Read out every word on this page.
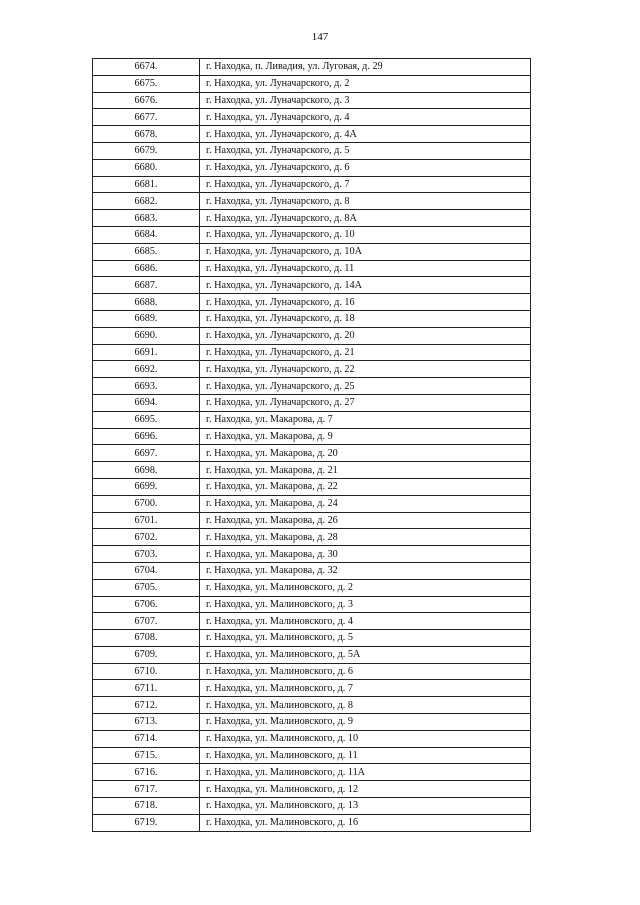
147
6674.	г. Находка, п. Ливадия, ул. Луговая, д. 29
6675.	г. Находка, ул. Луначарского, д. 2
6676.	г. Находка, ул. Луначарского, д. 3
6677.	г. Находка, ул. Луначарского, д. 4
6678.	г. Находка, ул. Луначарского, д. 4А
6679.	г. Находка, ул. Луначарского, д. 5
6680.	г. Находка, ул. Луначарского, д. 6
6681.	г. Находка, ул. Луначарского, д. 7
6682.	г. Находка, ул. Луначарского, д. 8
6683.	г. Находка, ул. Луначарского, д. 8А
6684.	г. Находка, ул. Луначарского, д. 10
6685.	г. Находка, ул. Луначарского, д. 10А
6686.	г. Находка, ул. Луначарского, д. 11
6687.	г. Находка, ул. Луначарского, д. 14А
6688.	г. Находка, ул. Луначарского, д. 16
6689.	г. Находка, ул. Луначарского, д. 18
6690.	г. Находка, ул. Луначарского, д. 20
6691.	г. Находка, ул. Луначарского, д. 21
6692.	г. Находка, ул. Луначарского, д. 22
6693.	г. Находка, ул. Луначарского, д. 25
6694.	г. Находка, ул. Луначарского, д. 27
6695.	г. Находка, ул. Макарова, д. 7
6696.	г. Находка, ул. Макарова, д. 9
6697.	г. Находка, ул. Макарова, д. 20
6698.	г. Находка, ул. Макарова, д. 21
6699.	г. Находка, ул. Макарова, д. 22
6700.	г. Находка, ул. Макарова, д. 24
6701.	г. Находка, ул. Макарова, д. 26
6702.	г. Находка, ул. Макарова, д. 28
6703.	г. Находка, ул. Макарова, д. 30
6704.	г. Находка, ул. Макарова, д. 32
6705.	г. Находка, ул. Малиновского, д. 2
6706.	г. Находка, ул. Малиновского, д. 3
6707.	г. Находка, ул. Малиновского, д. 4
6708.	г. Находка, ул. Малиновского, д. 5
6709.	г. Находка, ул. Малиновского, д. 5А
6710.	г. Находка, ул. Малиновского, д. 6
6711.	г. Находка, ул. Малиновского, д. 7
6712.	г. Находка, ул. Малиновского, д. 8
6713.	г. Находка, ул. Малиновского, д. 9
6714.	г. Находка, ул. Малиновского, д. 10
6715.	г. Находка, ул. Малиновского, д. 11
6716.	г. Находка, ул. Малиновского, д. 11А
6717.	г. Находка, ул. Малиновского, д. 12
6718.	г. Находка, ул. Малиновского, д. 13
6719.	г. Находка, ул. Малиновского, д. 16
